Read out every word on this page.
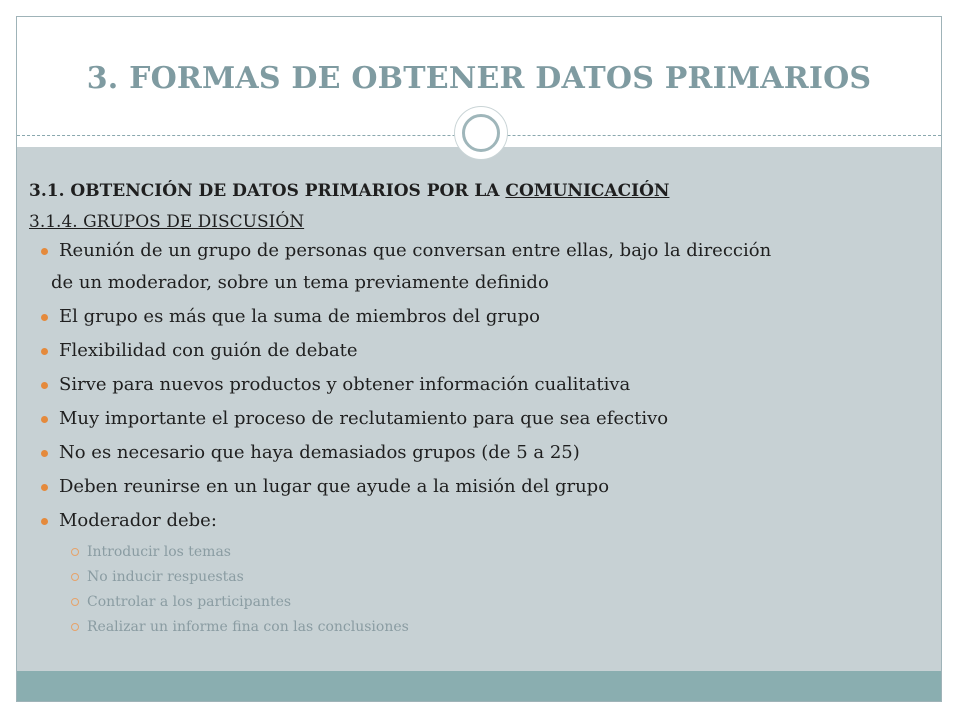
3. FORMAS DE OBTENER DATOS PRIMARIOS

3.1. OBTENCIÓN DE DATOS PRIMARIOS POR LA COMUNICACIÓN

3.1.4. GRUPOS DE DISCUSIÓN

Reunión de un grupo de personas que conversan entre ellas, bajo la dirección
de un moderador, sobre un tema previamente definido
El grupo es más que la suma de miembros del grupo
Flexibilidad con guión de debate
Sirve para nuevos productos y obtener información cualitativa
Muy importante el proceso de reclutamiento para que sea efectivo
No es necesario que haya demasiados grupos (de 5 a 25)
Deben reunirse en un lugar que ayude a la misión del grupo
Moderador debe:
Introducir los temas
No inducir respuestas
Controlar a los participantes
Realizar un informe fina con las conclusiones
